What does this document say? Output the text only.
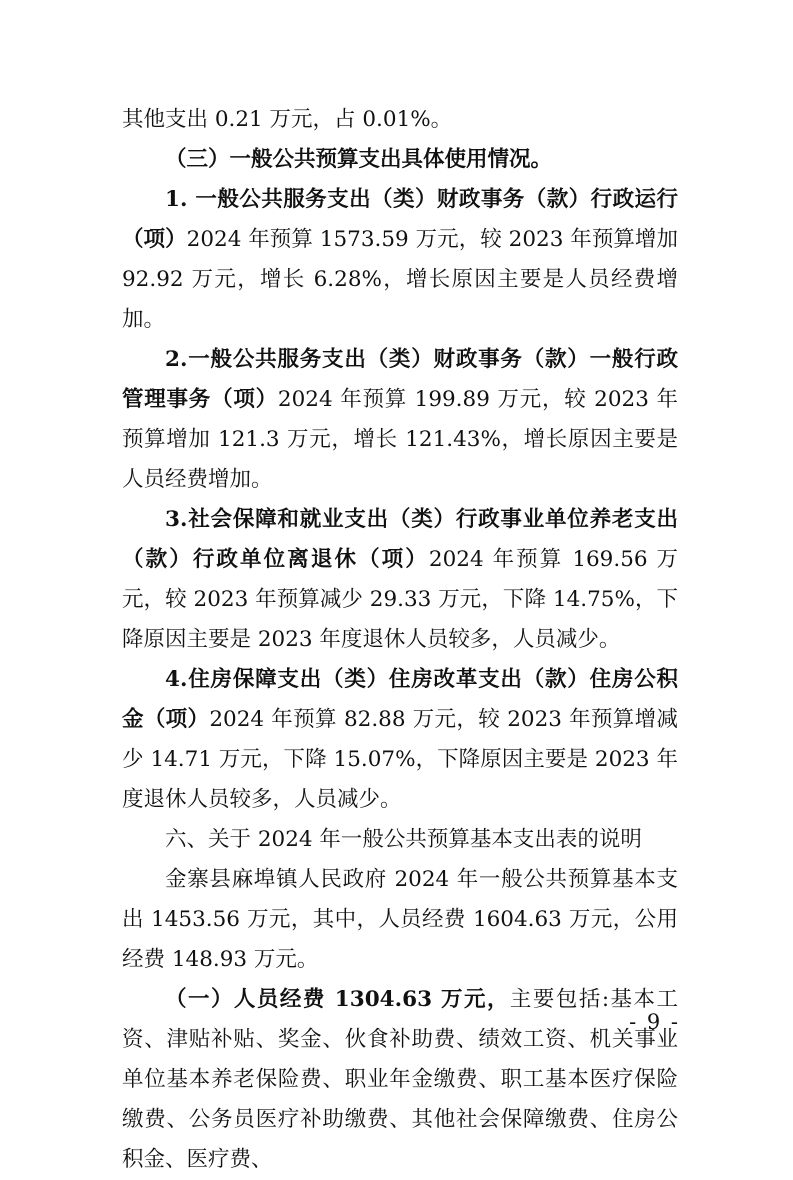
其他支出 0.21 万元，占 0.01%。

（三）一般公共预算支出具体使用情况。

1. 一般公共服务支出（类）财政事务（款）行政运行（项）2024 年预算 1573.59 万元，较 2023 年预算增加 92.92 万元，增长 6.28%，增长原因主要是人员经费增加。

2.一般公共服务支出（类）财政事务（款）一般行政管理事务（项）2024 年预算 199.89 万元，较 2023 年预算增加 121.3 万元，增长 121.43%，增长原因主要是人员经费增加。

3.社会保障和就业支出（类）行政事业单位养老支出（款）行政单位离退休（项）2024 年预算 169.56 万元，较 2023 年预算减少 29.33 万元，下降 14.75%，下降原因主要是 2023 年度退休人员较多，人员减少。

4.住房保障支出（类）住房改革支出（款）住房公积金（项）2024 年预算 82.88 万元，较 2023 年预算增减少 14.71 万元，下降 15.07%，下降原因主要是 2023 年度退休人员较多，人员减少。

六、关于 2024 年一般公共预算基本支出表的说明

金寨县麻埠镇人民政府 2024 年一般公共预算基本支出 1453.56 万元，其中，人员经费 1604.63 万元，公用经费 148.93 万元。

（一）人员经费 1304.63 万元，主要包括:基本工资、津贴补贴、奖金、伙食补助费、绩效工资、机关事业单位基本养老保险费、职业年金缴费、职工基本医疗保险缴费、公务员医疗补助缴费、其他社会保障缴费、住房公积金、医疗费、

- 9 -
